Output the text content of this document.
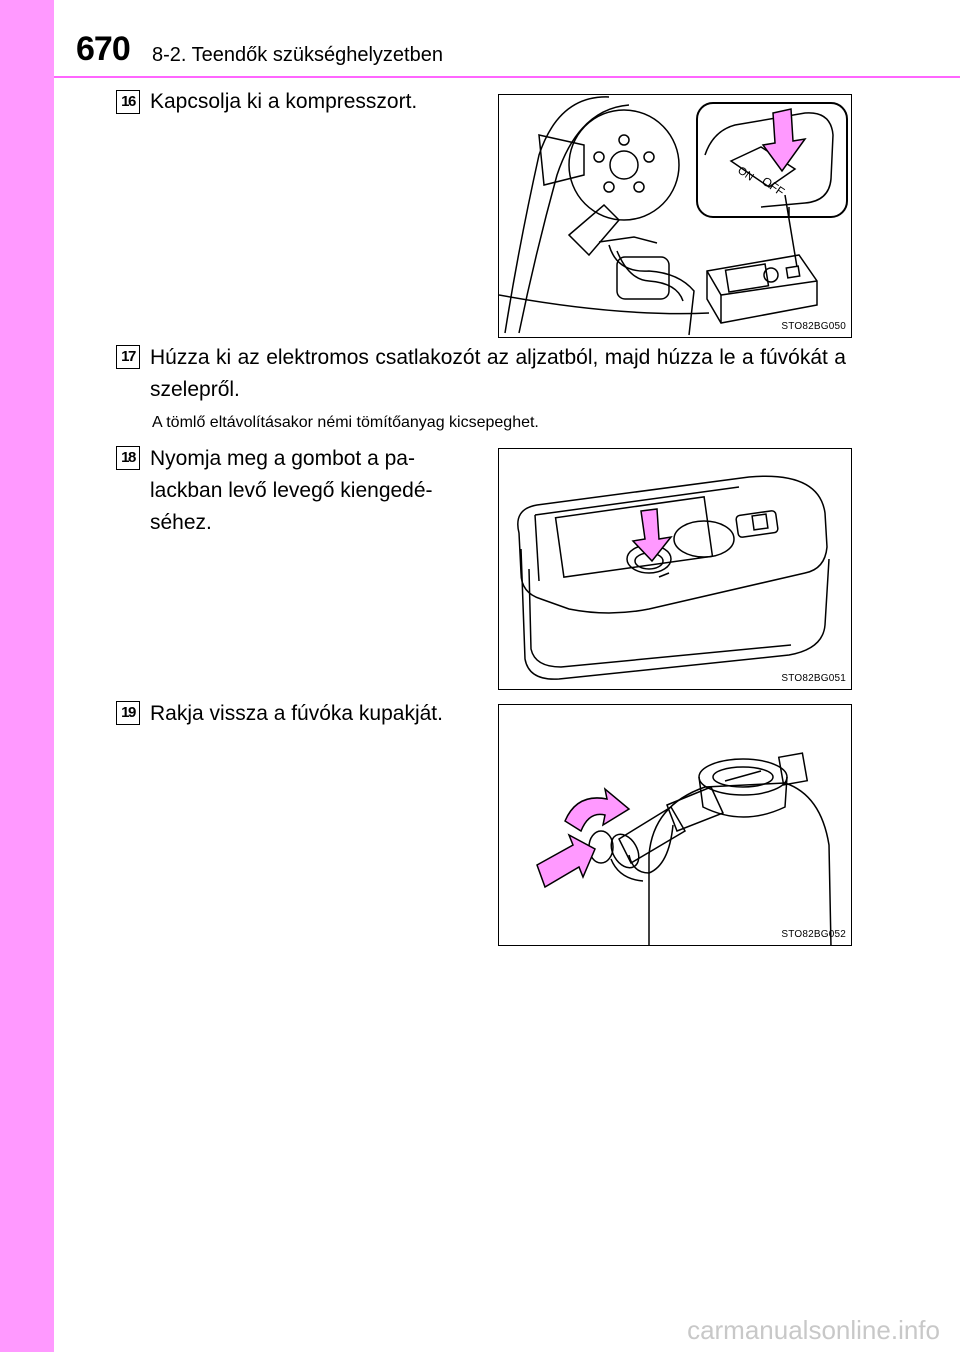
670 8-2. Teendők szükséghelyzetben
16 Kapcsolja ki a kompresszort.
ON OFF
STO82BG050
17 Húzza ki az elektromos csatlakozót az aljzatból, majd húzza le a fúvókát a szelepről.
A tömlő eltávolításakor némi tömítőanyag kicsepeghet.
18 Nyomja meg a gombot a pa-lackban levő levegő kiengedé-séhez.
STO82BG051
19 Rakja vissza a fúvóka kupakját.
STO82BG052
carmanualsonline.info
